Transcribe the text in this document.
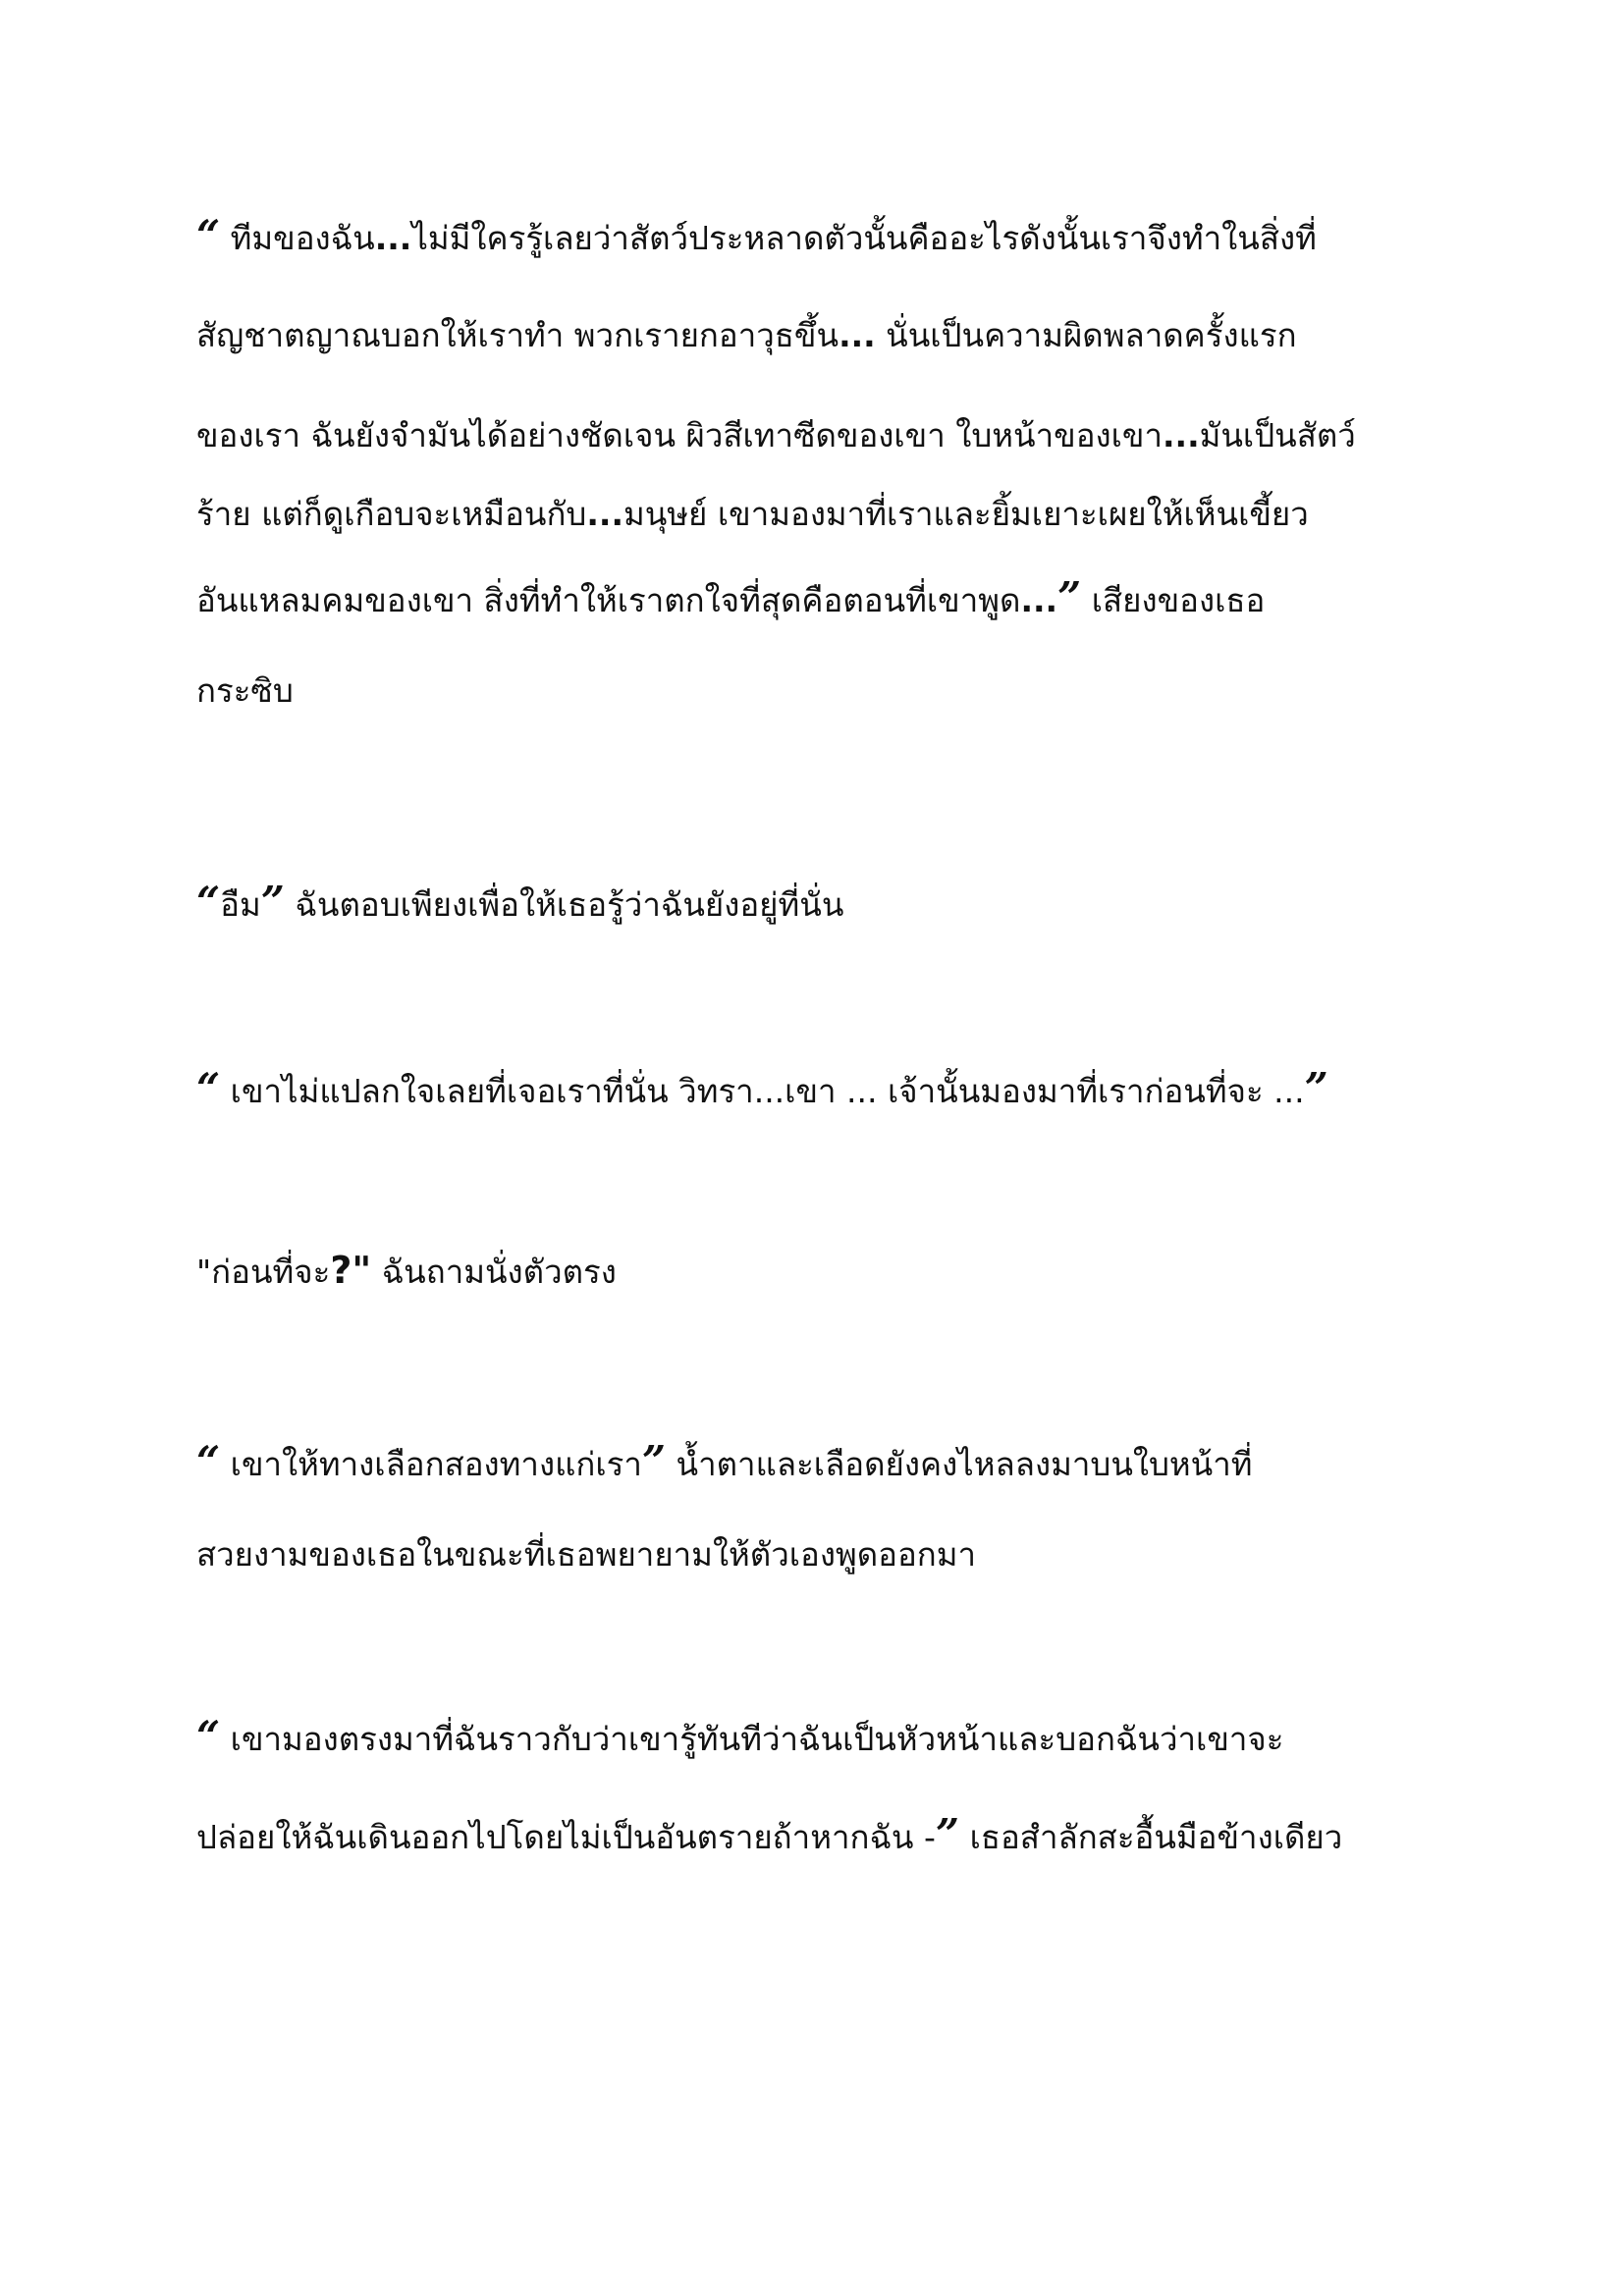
“ ทีมของฉัน...ไม่มีใครรู้เลยว่าสัตว์ประหลาดตัวนั้นคืออะไรดังนั้นเราจึงทำในสิ่งที่
สัญชาตญาณบอกให้เราทำ พวกเรายกอาวุธขึ้น... นั่นเป็นความผิดพลาดครั้งแรก
ของเรา ฉันยังจำมันได้อย่างชัดเจน ผิวสีเทาซีดของเขา ใบหน้าของเขา...มันเป็นสัตว์
ร้าย แต่ก็ดูเกือบจะเหมือนกับ...มนุษย์ เขามองมาที่เราและยิ้มเยาะเผยให้เห็นเขี้ยว
อันแหลมคมของเขา สิ่งที่ทำให้เราตกใจที่สุดคือตอนที่เขาพูด...” เสียงของเธอ
กระซิบ
“อืม” ฉันตอบเพียงเพื่อให้เธอรู้ว่าฉันยังอยู่ที่นั่น
“ เขาไม่แปลกใจเลยที่เจอเราที่นั่น วิทรา...เขา ... เจ้านั้นมองมาที่เราก่อนที่จะ ...”
"ก่อนที่จะ?" ฉันถามนั่งตัวตรง
“ เขาให้ทางเลือกสองทางแก่เรา” น้ำตาและเลือดยังคงไหลลงมาบนใบหน้าที่
สวยงามของเธอในขณะที่เธอพยายามให้ตัวเองพูดออกมา
“ เขามองตรงมาที่ฉันราวกับว่าเขารู้ทันทีว่าฉันเป็นหัวหน้าและบอกฉันว่าเขาจะ
ปล่อยให้ฉันเดินออกไปโดยไม่เป็นอันตรายถ้าหากฉัน -” เธอสำลักสะอื้นมือข้างเดียว
